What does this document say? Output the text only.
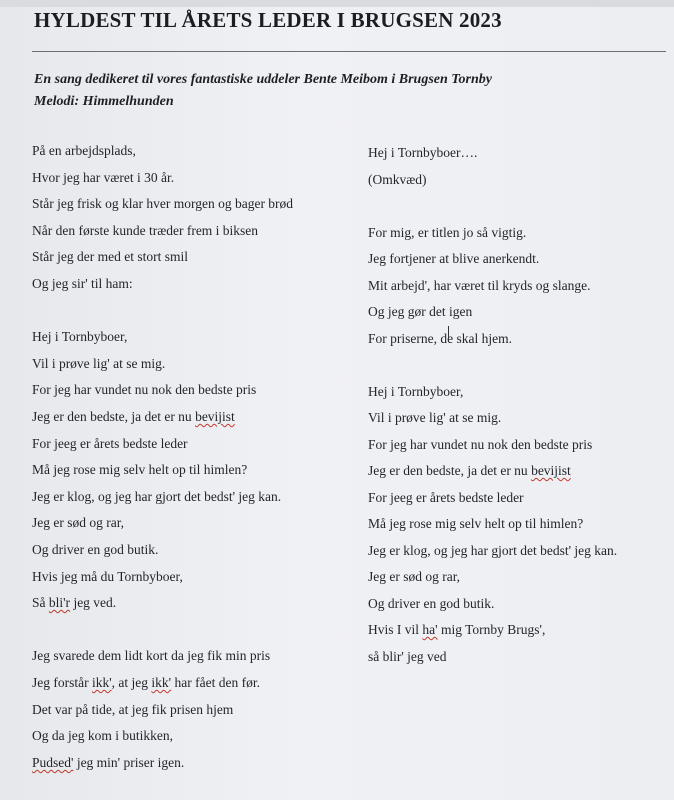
HYLDEST TIL ÅRETS LEDER I BRUGSEN 2023
En sang dedikeret til vores fantastiske uddeler Bente Meibom i Brugsen Tornby
Melodi: Himmelhunden
På en arbejdsplads,
Hvor jeg har været i 30 år.
Står jeg frisk og klar hver morgen og bager brød
Når den første kunde træder frem i biksen
Står jeg der med et stort smil
Og jeg sir' til ham:
Hej i Tornbyboer,
Vil i prøve lig' at se mig.
For jeg har vundet nu nok den bedste pris
Jeg er den bedste, ja det er nu bevijist
For jeeg er årets bedste leder
Må jeg rose mig selv helt op til himlen?
Jeg er klog, og jeg har gjort det bedst' jeg kan.
Jeg er sød og rar,
Og driver en god butik.
Hvis jeg må du Tornbyboer,
Så bli'r jeg ved.
Jeg svarede dem lidt kort da jeg fik min pris
Jeg forstår ikk', at jeg ikk' har fået den før.
Det var på tide, at jeg fik prisen hjem
Og da jeg kom i butikken,
Pudsed' jeg min' priser igen.
Hej i Tornbyboer….
(Omkvæd)
For mig, er titlen jo så vigtig.
Jeg fortjener at blive anerkendt.
Mit arbejd', har været til kryds og slange.
Og jeg gør det igen
For priserne, de skal hjem.
Hej i Tornbyboer,
Vil i prøve lig' at se mig.
For jeg har vundet nu nok den bedste pris
Jeg er den bedste, ja det er nu bevijist
For jeeg er årets bedste leder
Må jeg rose mig selv helt op til himlen?
Jeg er klog, og jeg har gjort det bedst' jeg kan.
Jeg er sød og rar,
Og driver en god butik.
Hvis I vil ha' mig Tornby Brugs',
så blir' jeg ved
